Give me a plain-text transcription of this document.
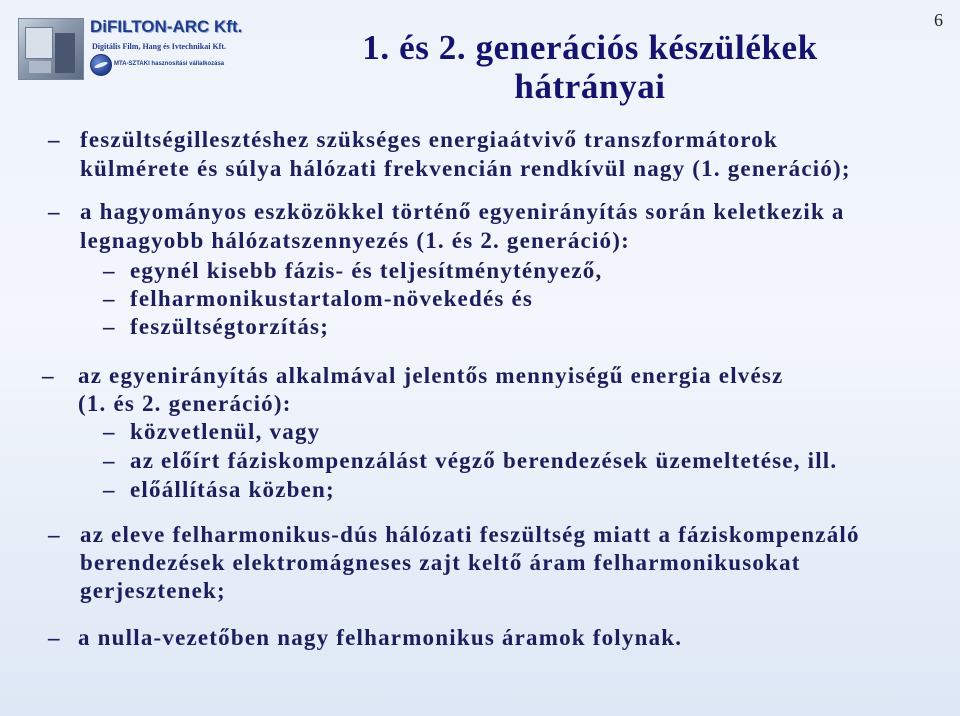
DiFILTON-ARC Kft.
Digitális Film, Hang és Ivtechnikai Kft.
MTA-SZTAKI hasznosítási vállalkozása
6
1. és 2. generációs készülékek
hátrányai
– feszültségillesztéshez szükséges energiaátvivő transzformátorok
külmérete és súlya hálózati frekvencián rendkívül nagy (1. generáció);
– a hagyományos eszközökkel történő egyenirányítás során keletkezik a
legnagyobb hálózatszennyezés (1. és 2. generáció):
– egynél kisebb fázis- és teljesítménytényező,
– felharmonikustartalom-növekedés és
– feszültségtorzítás;
– az egyenirányítás alkalmával jelentős mennyiségű energia elvész
(1. és 2. generáció):
– közvetlenül, vagy
– az előírt fáziskompenzálást végző berendezések üzemeltetése, ill.
– előállítása közben;
– az eleve felharmonikus-dús hálózati feszültség miatt a fáziskompenzáló
berendezések elektromágneses zajt keltő áram felharmonikusokat
gerjesztenek;
– a nulla-vezetőben nagy felharmonikus áramok folynak.
